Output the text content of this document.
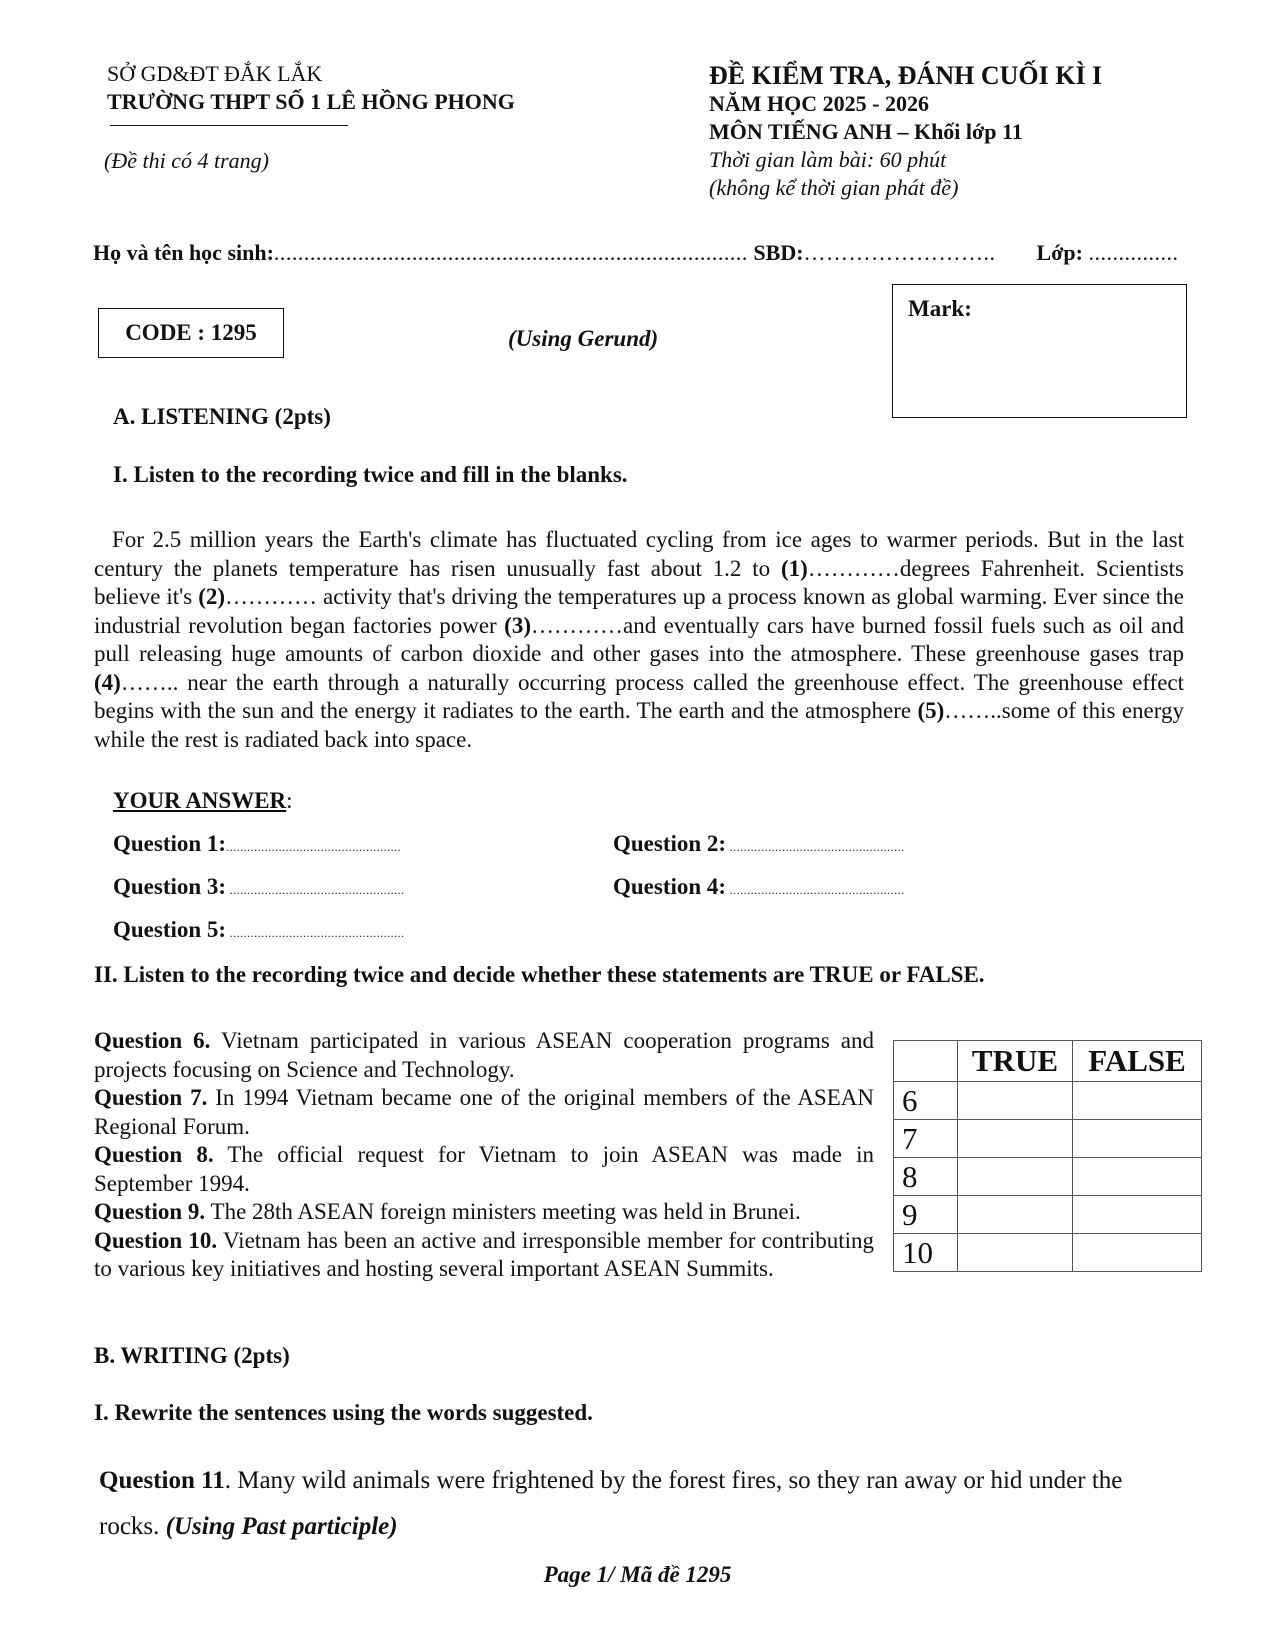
SỞ GD&ĐT ĐẮK LẮK
TRƯỜNG THPT SỐ 1 LÊ HỒNG PHONG
(Đề thi có 4 trang)
ĐỀ KIỂM TRA, ĐÁNH CUỐI KÌ I
NĂM HỌC 2025 - 2026
MÔN TIẾNG ANH – Khối lớp 11
Thời gian làm bài: 60 phút
(không kể thời gian phát đề)
Họ và tên học sinh:............................................................................... SBD:…………………….. Lớp: ...............
CODE : 1295	(Using Gerund)
Mark:
A. LISTENING (2pts)
I. Listen to the recording twice and fill in the blanks.
For 2.5 million years the Earth's climate has fluctuated cycling from ice ages to warmer periods. But in the last century the planets temperature has risen unusually fast about 1.2 to (1)…………degrees Fahrenheit. Scientists believe it's (2)………… activity that's driving the temperatures up a process known as global warming. Ever since the industrial revolution began factories power (3)…………and eventually cars have burned fossil fuels such as oil and pull releasing huge amounts of carbon dioxide and other gases into the atmosphere. These greenhouse gases trap (4)…….. near the earth through a naturally occurring process called the greenhouse effect. The greenhouse effect begins with the sun and the energy it radiates to the earth. The earth and the atmosphere (5)……..some of this energy while the rest is radiated back into space.
YOUR ANSWER:
Question 1:..................................................	Question 2: ..................................................
Question 3: ..................................................	Question 4: ..................................................
Question 5: ..................................................
II. Listen to the recording twice and decide whether these statements are TRUE or FALSE.

Question 6. Vietnam participated in various ASEAN cooperation programs and projects focusing on Science and Technology.

Question 7. In 1994 Vietnam became one of the original members of the ASEAN Regional Forum.

Question 8. The official request for Vietnam to join ASEAN was made in September 1994.

Question 9. The 28th ASEAN foreign ministers meeting was held in Brunei.

Question 10. Vietnam has been an active and irresponsible member for contributing to various key initiatives and hosting several important ASEAN Summits.

	TRUE	FALSE
6		
7		
8		
9		
10		
B. WRITING (2pts)
I. Rewrite the sentences using the words suggested.
Question 11. Many wild animals were frightened by the forest fires, so they ran away or hid under the rocks. (Using Past participle)
Page 1/ Mã đề 1295
